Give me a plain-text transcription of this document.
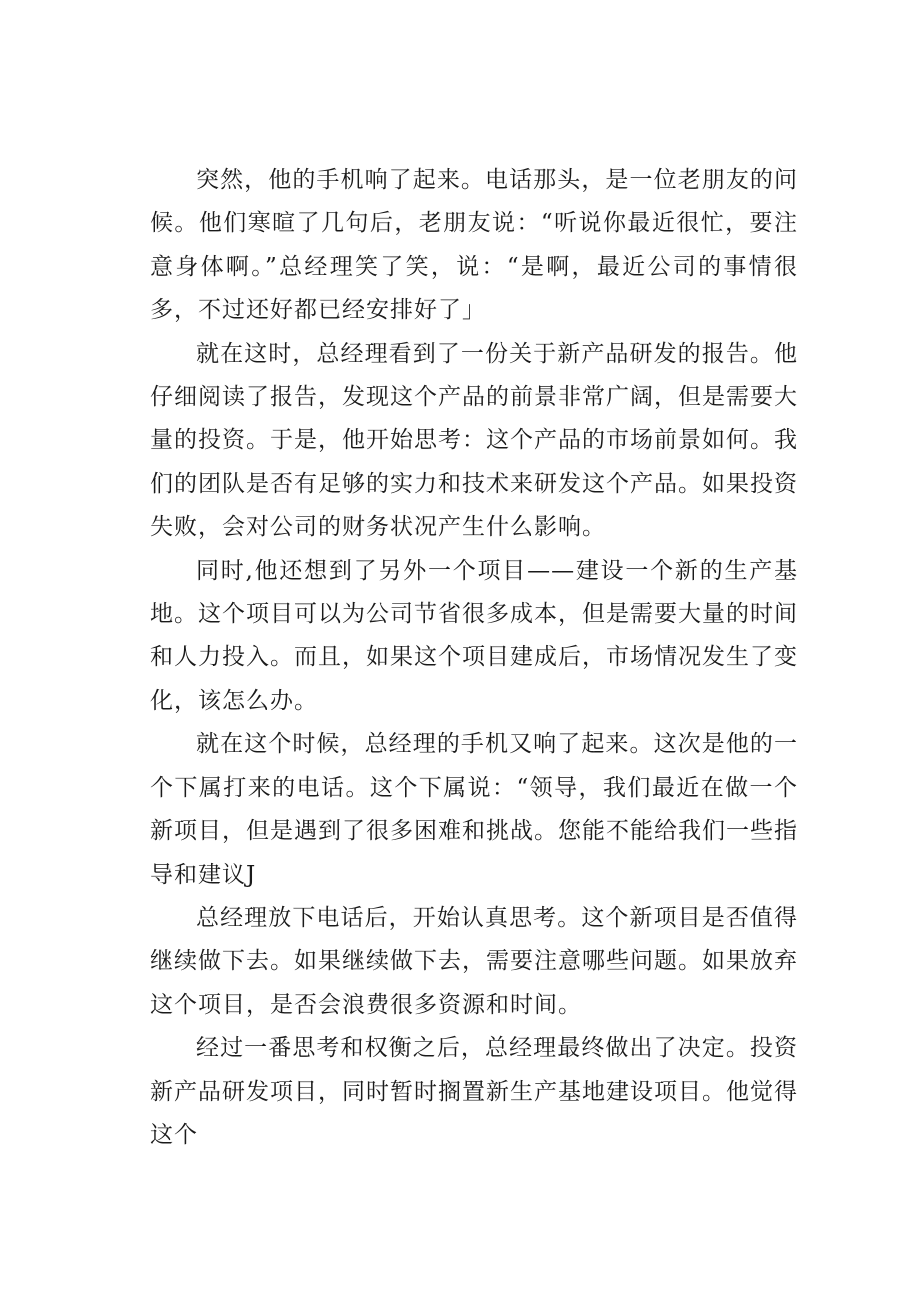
突然，他的手机响了起来。电话那头，是一位老朋友的问候。他们寒暄了几句后，老朋友说：“听说你最近很忙，要注意身体啊。”总经理笑了笑，说：“是啊，最近公司的事情很多，不过还好都已经安排好了」

就在这时，总经理看到了一份关于新产品研发的报告。他仔细阅读了报告，发现这个产品的前景非常广阔，但是需要大量的投资。于是，他开始思考：这个产品的市场前景如何。我们的团队是否有足够的实力和技术来研发这个产品。如果投资失败，会对公司的财务状况产生什么影响。

同时,他还想到了另外一个项目——建设一个新的生产基地。这个项目可以为公司节省很多成本，但是需要大量的时间和人力投入。而且，如果这个项目建成后，市场情况发生了变化，该怎么办。

就在这个时候，总经理的手机又响了起来。这次是他的一个下属打来的电话。这个下属说：“领导，我们最近在做一个新项目，但是遇到了很多困难和挑战。您能不能给我们一些指导和建议J

总经理放下电话后，开始认真思考。这个新项目是否值得继续做下去。如果继续做下去，需要注意哪些问题。如果放弃这个项目，是否会浪费很多资源和时间。

经过一番思考和权衡之后，总经理最终做出了决定。投资新产品研发项目，同时暂时搁置新生产基地建设项目。他觉得这个
